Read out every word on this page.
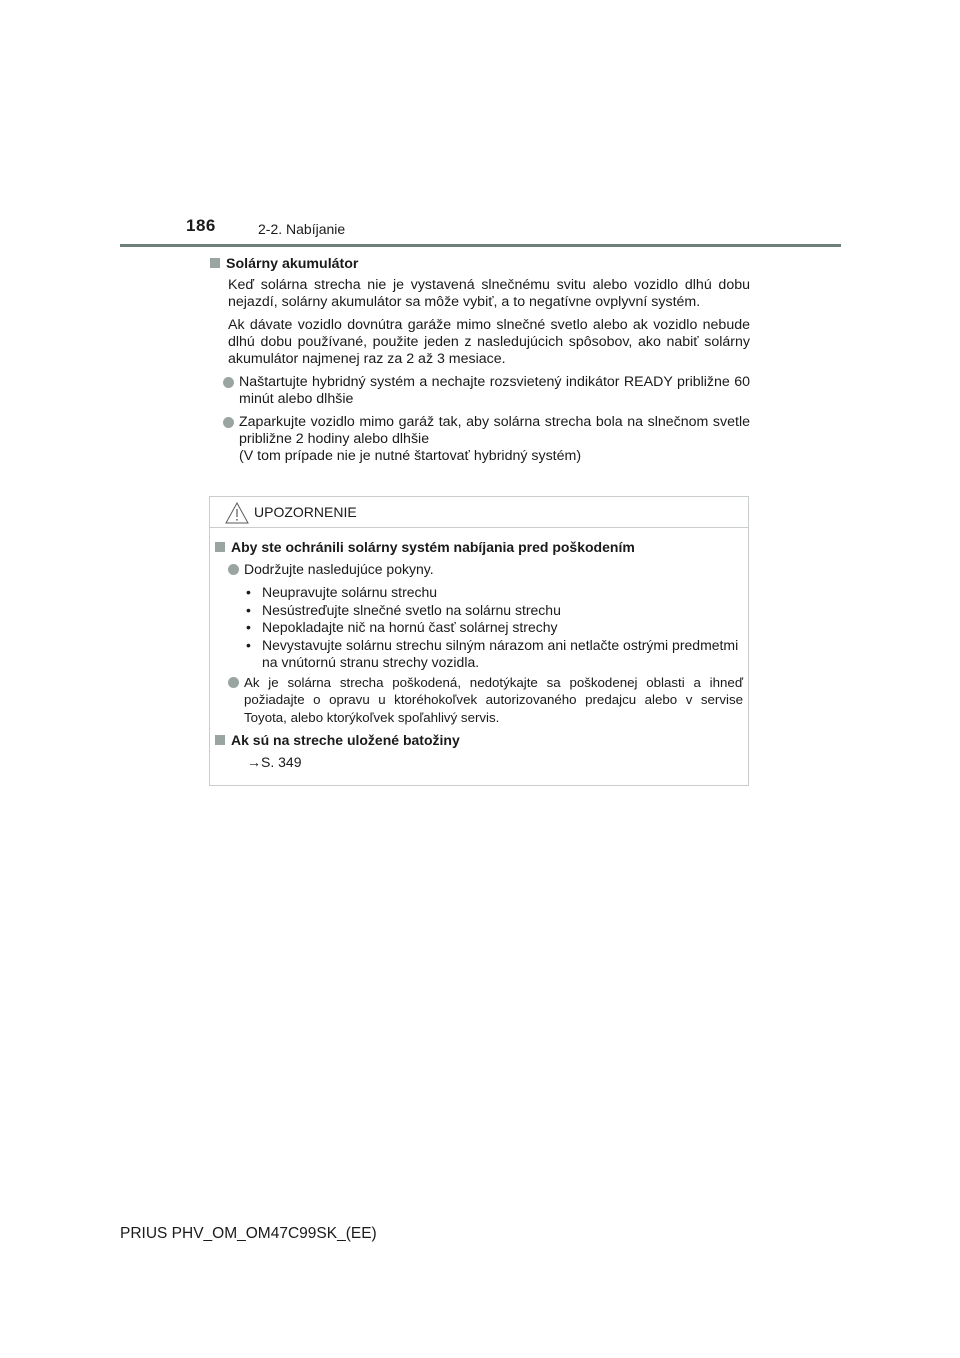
186	2-2. Nabíjanie
Solárny akumulátor
Keď solárna strecha nie je vystavená slnečnému svitu alebo vozidlo dlhú dobu nejazdí, solárny akumulátor sa môže vybiť, a to negatívne ovplyvní systém.
Ak dávate vozidlo dovnútra garáže mimo slnečné svetlo alebo ak vozidlo nebude dlhú dobu používané, použite jeden z nasledujúcich spôsobov, ako nabiť solárny akumulátor najmenej raz za 2 až 3 mesiace.
Naštartujte hybridný systém a nechajte rozsvietený indikátor READY približne 60 minút alebo dlhšie
Zaparkujte vozidlo mimo garáž tak, aby solárna strecha bola na slnečnom svetle približne 2 hodiny alebo dlhšie
(V tom prípade nie je nutné štartovať hybridný systém)
UPOZORNENIE
Aby ste ochránili solárny systém nabíjania pred poškodením
Dodržujte nasledujúce pokyny.
• Neupravujte solárnu strechu
• Nesústreďujte slnečné svetlo na solárnu strechu
• Nepokladajte nič na hornú časť solárnej strechy
• Nevystavujte solárnu strechu silným nárazom ani netlačte ostrými predmetmi na vnútornú stranu strechy vozidla.
Ak je solárna strecha poškodená, nedotýkajte sa poškodenej oblasti a ihneď požiadajte o opravu u ktoréhokoľvek autorizovaného predajcu alebo v servise Toyota, alebo ktorýkoľvek spoľahlivý servis.
Ak sú na streche uložené batožiny
→S. 349
PRIUS PHV_OM_OM47C99SK_(EE)
